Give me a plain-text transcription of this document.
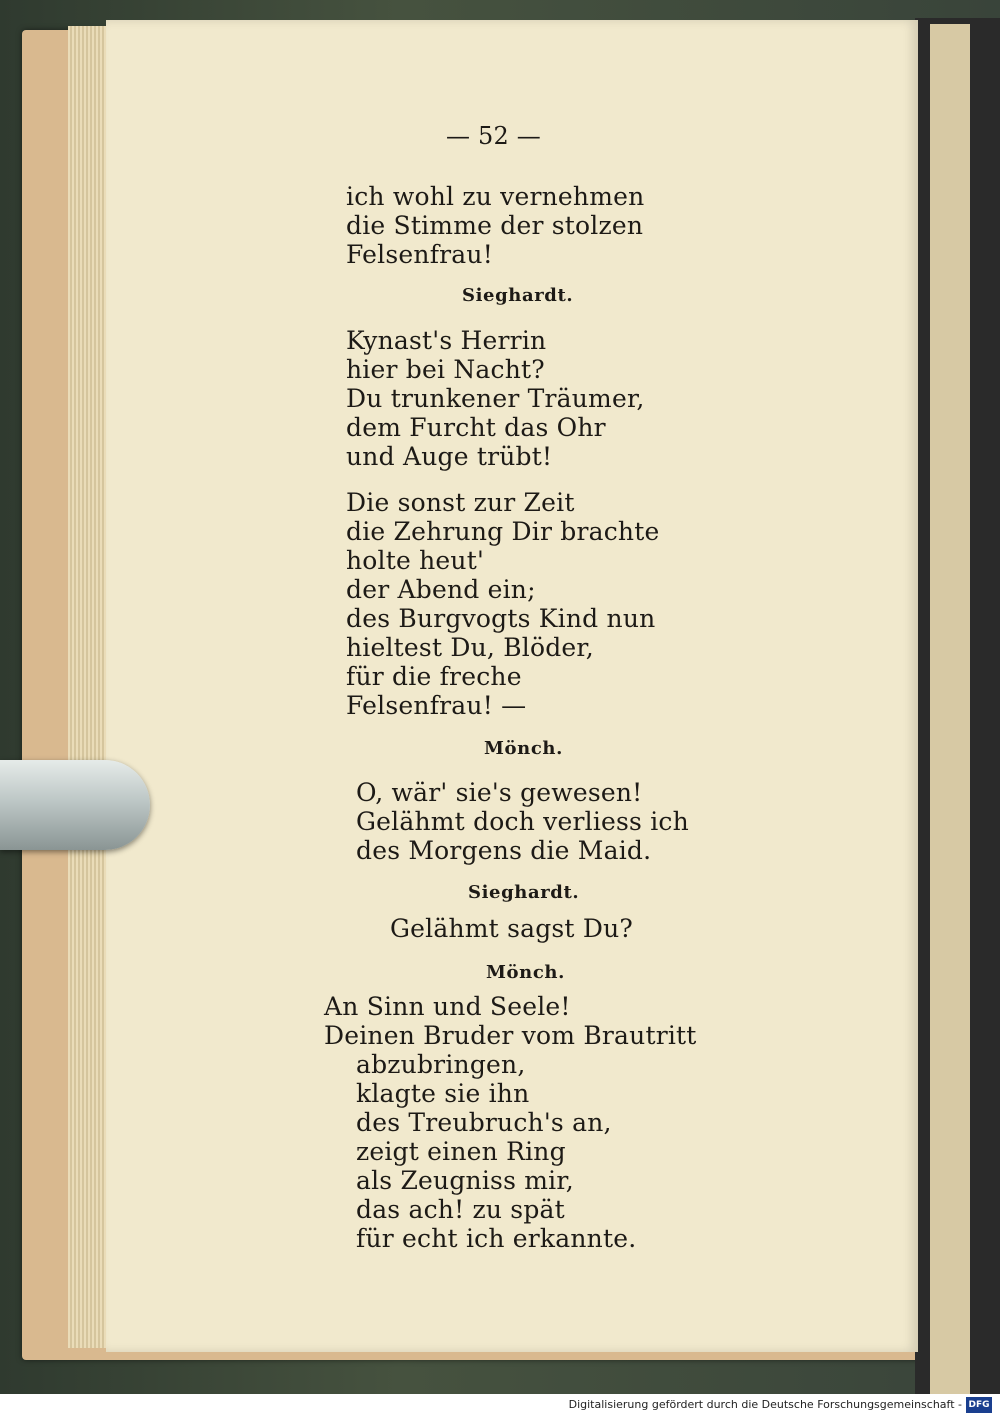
— 52 —
ich wohl zu vernehmen
die Stimme der stolzen
Felsenfrau!
Sieghardt.
Kynast's Herrin
hier bei Nacht?
Du trunkener Träumer,
dem Furcht das Ohr
und Auge trübt!
Die sonst zur Zeit
die Zehrung Dir brachte
holte heut'
der Abend ein;
des Burgvogts Kind nun
hieltest Du, Blöder,
für die freche
Felsenfrau! —
Mönch.
O, wär' sie's gewesen!
Gelähmt doch verliess ich
des Morgens die Maid.
Sieghardt.
Gelähmt sagst Du?
Mönch.
An Sinn und Seele!
Deinen Bruder vom Brautritt
abzubringen,
klagte sie ihn
des Treubruch's an,
zeigt einen Ring
als Zeugniss mir,
das ach! zu spät
für echt ich erkannte.
Digitalisierung gefördert durch die Deutsche Forschungsgemeinschaft - DFG
